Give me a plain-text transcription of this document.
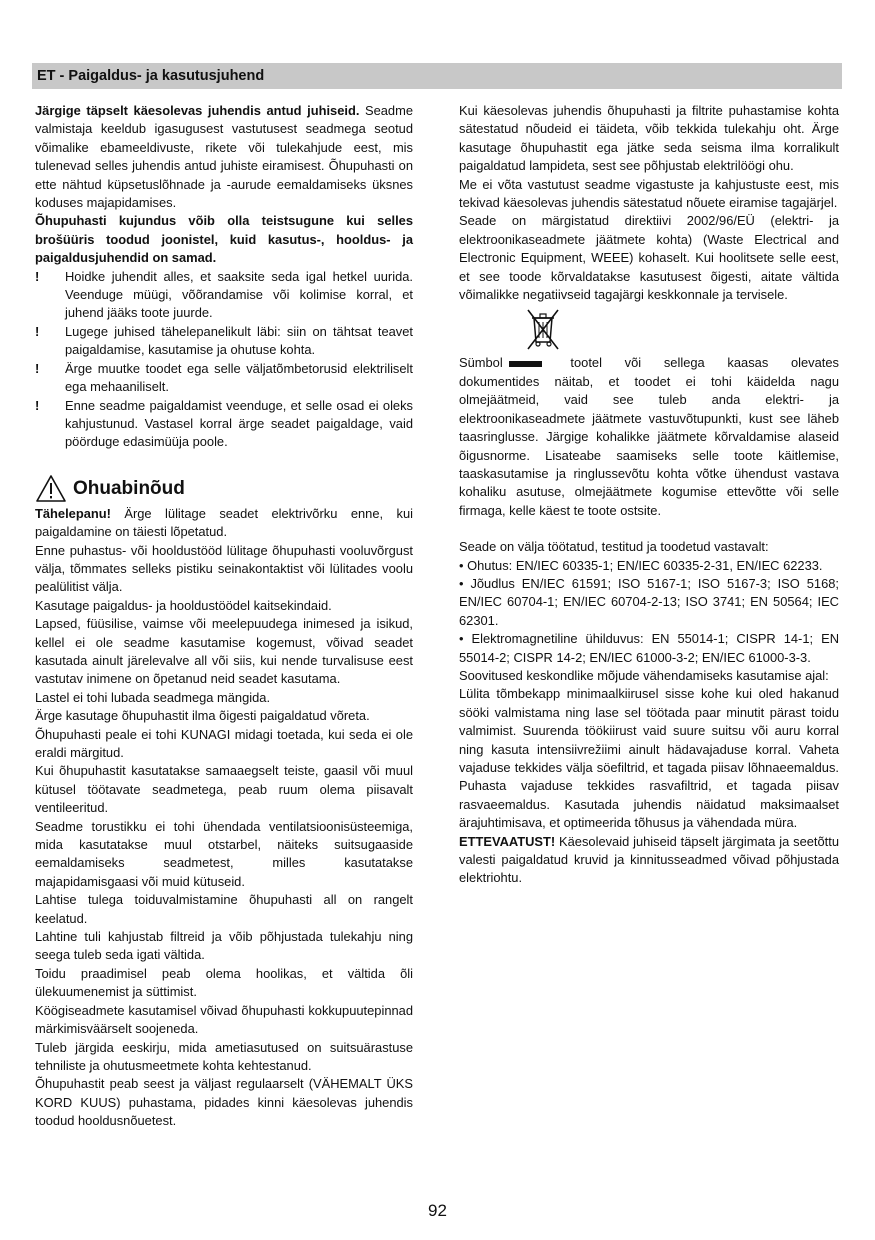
ET - Paigaldus- ja kasutusjuhend

Järgige täpselt käesolevas juhendis antud juhiseid. Seadme valmistaja keeldub igasugusest vastutusest seadmega seotud võimalike ebameeldivuste, rikete või tulekahjude eest, mis tulenevad selles juhendis antud juhiste eiramisest. Õhupuhasti on ette nähtud küpsetuslõhnade ja -aurude eemaldamiseks üksnes koduses majapidamises.

Õhupuhasti kujundus võib olla teistsugune kui selles brošüüris toodud joonistel, kuid kasutus-, hooldus- ja paigaldusjuhendid on samad.

!	Hoidke juhendit alles, et saaksite seda igal hetkel uurida. Veenduge müügi, võõrandamise või kolimise korral, et juhend jääks toote juurde.
!	Lugege juhised tähelepanelikult läbi: siin on tähtsat teavet paigaldamise, kasutamise ja ohutuse kohta.
!	Ärge muutke toodet ega selle väljatõmbetorusid elektriliselt ega mehaaniliselt.
!	Enne seadme paigaldamist veenduge, et selle osad ei oleks kahjustunud. Vastasel korral ärge seadet paigaldage, vaid pöörduge edasimüüja poole.
Ohuabinõud

Tähelepanu! Ärge lülitage seadet elektrivõrku enne, kui paigaldamine on täiesti lõpetatud.

Enne puhastus- või hooldustööd lülitage õhupuhasti vooluvõrgust välja, tõmmates selleks pistiku seinakontaktist või lülitades voolu pealülitist välja.

Kasutage paigaldus- ja hooldustöödel kaitsekindaid.

Lapsed, füüsilise, vaimse või meelepuudega inimesed ja isikud, kellel ei ole seadme kasutamise kogemust, võivad seadet kasutada ainult järelevalve all või siis, kui nende turvalisuse eest vastutav inimene on õpetanud neid seadet kasutama.

Lastel ei tohi lubada seadmega mängida.

Ärge kasutage õhupuhastit ilma õigesti paigaldatud võreta.

Õhupuhasti peale ei tohi KUNAGI midagi toetada, kui seda ei ole eraldi märgitud.

Kui õhupuhastit kasutatakse samaaegselt teiste, gaasil või muul kütusel töötavate seadmetega, peab ruum olema piisavalt ventileeritud.

Seadme torustikku ei tohi ühendada ventilatsioonisüsteemiga, mida kasutatakse muul otstarbel, näiteks suitsugaaside eemaldamiseks seadmetest, milles kasutatakse majapidamisgaasi või muid kütuseid.

Lahtise tulega toiduvalmistamine õhupuhasti all on rangelt keelatud.

Lahtine tuli kahjustab filtreid ja võib põhjustada tulekahju ning seega tuleb seda igati vältida.

Toidu praadimisel peab olema hoolikas, et vältida õli ülekuumenemist ja süttimist.

Köögiseadmete kasutamisel võivad õhupuhasti kokkupuutepinnad märkimisväärselt soojeneda.

Tuleb järgida eeskirju, mida ametiasutused on suitsuärastuse tehniliste ja ohutusmeetmete kohta kehtestanud.

Õhupuhastit peab seest ja väljast regulaarselt (VÄHEMALT ÜKS KORD KUUS) puhastama, pidades kinni käesolevas juhendis toodud hooldusnõuetest.

Kui käesolevas juhendis õhupuhasti ja filtrite puhastamise kohta sätestatud nõudeid ei täideta, võib tekkida tulekahju oht. Ärge kasutage õhupuhastit ega jätke seda seisma ilma korralikult paigaldatud lampideta, sest see põhjustab elektrilöögi ohu.

Me ei võta vastutust seadme vigastuste ja kahjustuste eest, mis tekivad käesolevas juhendis sätestatud nõuete eiramise tagajärjel.

Seade on märgistatud direktiivi 2002/96/EÜ (elektri- ja elektroonikaseadmete jäätmete kohta) (Waste Electrical and Electronic Equipment, WEEE) kohaselt. Kui hoolitsete selle eest, et see toode kõrvaldatakse kasutusest õigesti, aitate vältida võimalikke negatiivseid tagajärgi keskkonnale ja tervisele.

Sümbol	tootel või sellega kaasas olevates

dokumentides näitab, et toodet ei tohi käidelda nagu olmejäätmeid, vaid see tuleb anda elektri- ja elektroonikaseadmete jäätmete vastuvõtupunkti, kust see läheb taasringlusse. Järgige kohalikke jäätmete kõrvaldamise alaseid õigusnorme. Lisateabe saamiseks selle toote käitlemise, taaskasutamise ja ringlussevõtu kohta võtke ühendust vastava kohaliku asutuse, olmejäätmete kogumise ettevõtte või selle firmaga, kelle käest te toote ostsite.

Seade on välja töötatud, testitud ja toodetud vastavalt:

• Ohutus: EN/IEC 60335-1; EN/IEC 60335-2-31, EN/IEC 62233.

• Jõudlus EN/IEC 61591; ISO 5167-1; ISO 5167-3; ISO 5168; EN/IEC 60704-1; EN/IEC 60704-2-13; ISO 3741; EN 50564; IEC 62301.

• Elektromagnetiline ühilduvus: EN 55014-1; CISPR 14-1; EN 55014-2; CISPR 14-2; EN/IEC 61000-3-2; EN/IEC 61000-3-3.

Soovitused keskondlike mõjude vähendamiseks kasutamise ajal:

Lülita tõmbekapp minimaalkiirusel sisse kohe kui oled hakanud sööki valmistama ning lase sel töötada paar minutit pärast toidu valmimist. Suurenda töökiirust vaid suure suitsu või auru korral ning kasuta intensiivrežiimi ainult hädavajaduse korral. Vaheta vajaduse tekkides välja söefiltrid, et tagada piisav lõhnaeemaldus. Puhasta vajaduse tekkides rasvafiltrid, et tagada piisav rasvaeemaldus. Kasutada juhendis näidatud maksimaalset ärajuhtimisava, et optimeerida tõhusus ja vähendada müra.

ETTEVAATUST! Käesolevaid juhiseid täpselt järgimata ja seetõttu valesti paigaldatud kruvid ja kinnitusseadmed võivad põhjustada elektriohtu.

92
